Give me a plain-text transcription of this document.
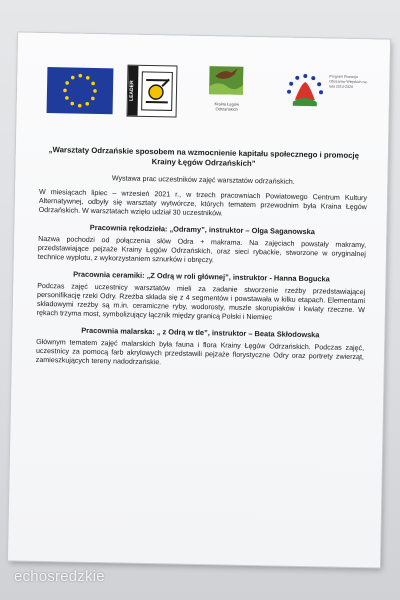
LEADER
Kraina Łęgów Odrzańskich
Program Rozwoju Obszarów Wiejskich na lata 2014-2020

„Warsztaty Odrzańskie sposobem na wzmocnienie kapitału społecznego i promocję Krainy Łęgów Odrzańskich”

Wystawa prac uczestników zajęć warsztatów odrzańskich.

W miesiącach lipiec – wrzesień 2021 r., w trzech pracowniach Powiatowego Centrum Kultury Alternatywnej, odbyły się warsztaty wytwórcze, których tematem przewodnim była Kraina Łęgów Odrzańskich. W warsztatach wzięło udział 30 uczestników.

Pracownia rękodzieła: „Odramy”, instruktor – Olga Saganowska

Nazwa pochodzi od połączenia słów Odra + makrama. Na zajęciach powstały makramy, przedstawiające pejzaże Krainy Łęgów Odrzańskich, oraz sieci rybackie, stworzone w oryginalnej technice wyplotu, z wykorzystaniem sznurków i obręczy.

Pracownia ceramiki: „Z Odrą w roli głównej”, instruktor - Hanna Bogucka

Podczas zajęć uczestnicy warsztatów mieli za zadanie stworzenie rzeźby przedstawiającej personifikację rzeki Odry. Rzeźba składa się z 4 segmentów i powstawała w kilku etapach. Elementami składowymi rzeźby są m.in. ceramiczne ryby, wodorosty, muszle skorupiaków i kwiaty rzeczne. W rękach trzyma most, symbolizujący łącznik między granicą Polski i Niemiec

Pracownia malarska: „ z Odrą w tle”, instruktor – Beata Skłodowska

Głównym tematem zajęć malarskich była fauna i flora Krainy Łęgów Odrzańskich. Podczas zajęć, uczestnicy za pomocą farb akrylowych przedstawili pejzaże florystyczne Odry oraz portrety zwierząt, zamieszkujących tereny nadodrzańskie.

echosredzkie
